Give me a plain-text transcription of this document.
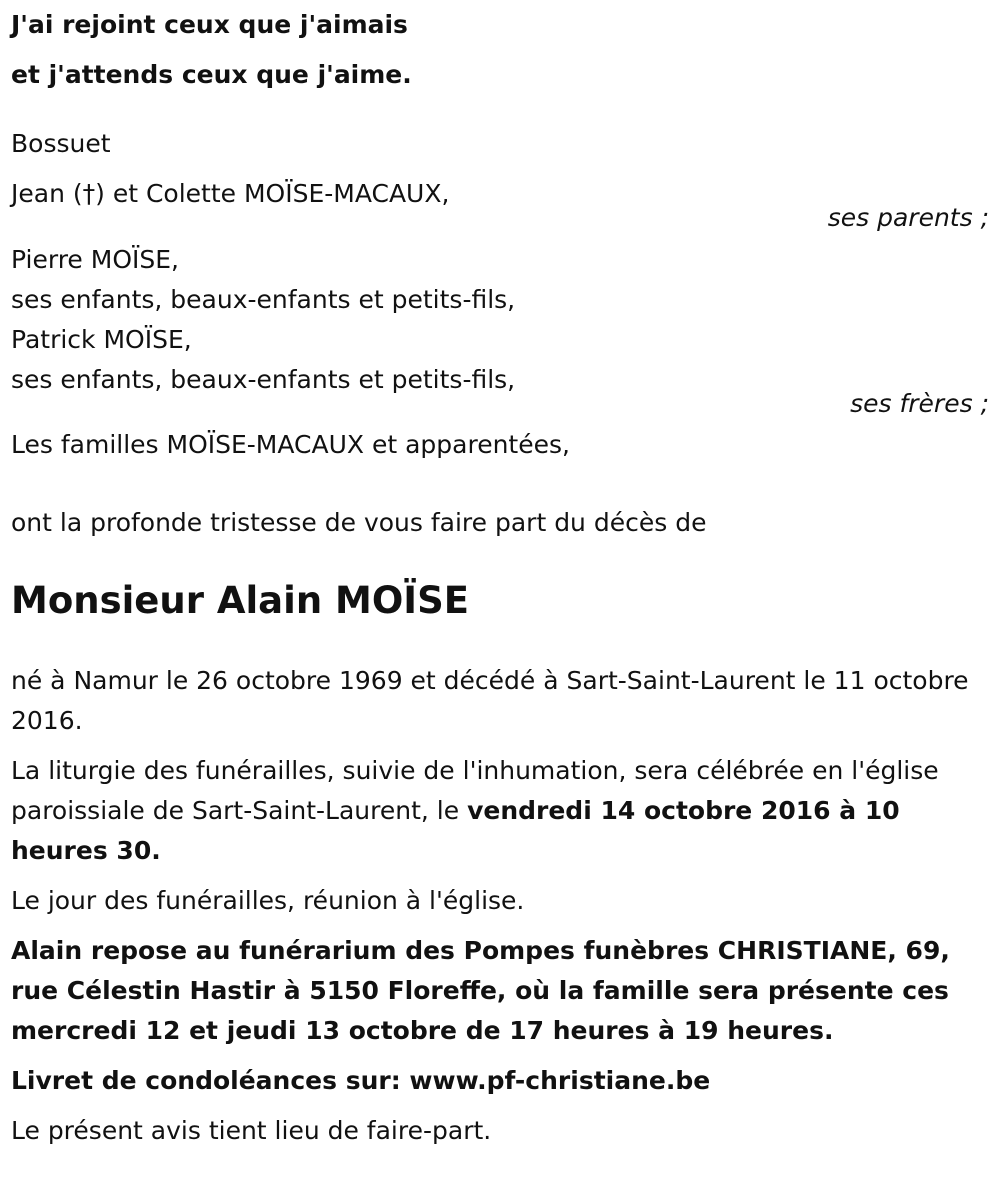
J'ai rejoint ceux que j'aimais

et j'attends ceux que j'aime.

Bossuet

Jean (†) et Colette MOÏSE-MACAUX,

ses parents ;

Pierre MOÏSE,

ses enfants, beaux-enfants et petits-fils,

Patrick MOÏSE,

ses enfants, beaux-enfants et petits-fils,

ses frères ;

Les familles MOÏSE-MACAUX et apparentées,

ont la profonde tristesse de vous faire part du décès de

Monsieur Alain MOÏSE

né à Namur le 26 octobre 1969 et décédé à Sart-Saint-Laurent le 11 octobre 2016.

La liturgie des funérailles, suivie de l'inhumation, sera célébrée en l'église paroissiale de Sart-Saint-Laurent, le vendredi 14 octobre 2016 à 10 heures 30.

Le jour des funérailles, réunion à l'église.

Alain repose au funérarium des Pompes funèbres CHRISTIANE, 69, rue Célestin Hastir à 5150 Floreffe, où la famille sera présente ces mercredi 12 et jeudi 13 octobre de 17 heures à 19 heures.

Livret de condoléances sur: www.pf-christiane.be

Le présent avis tient lieu de faire-part.
